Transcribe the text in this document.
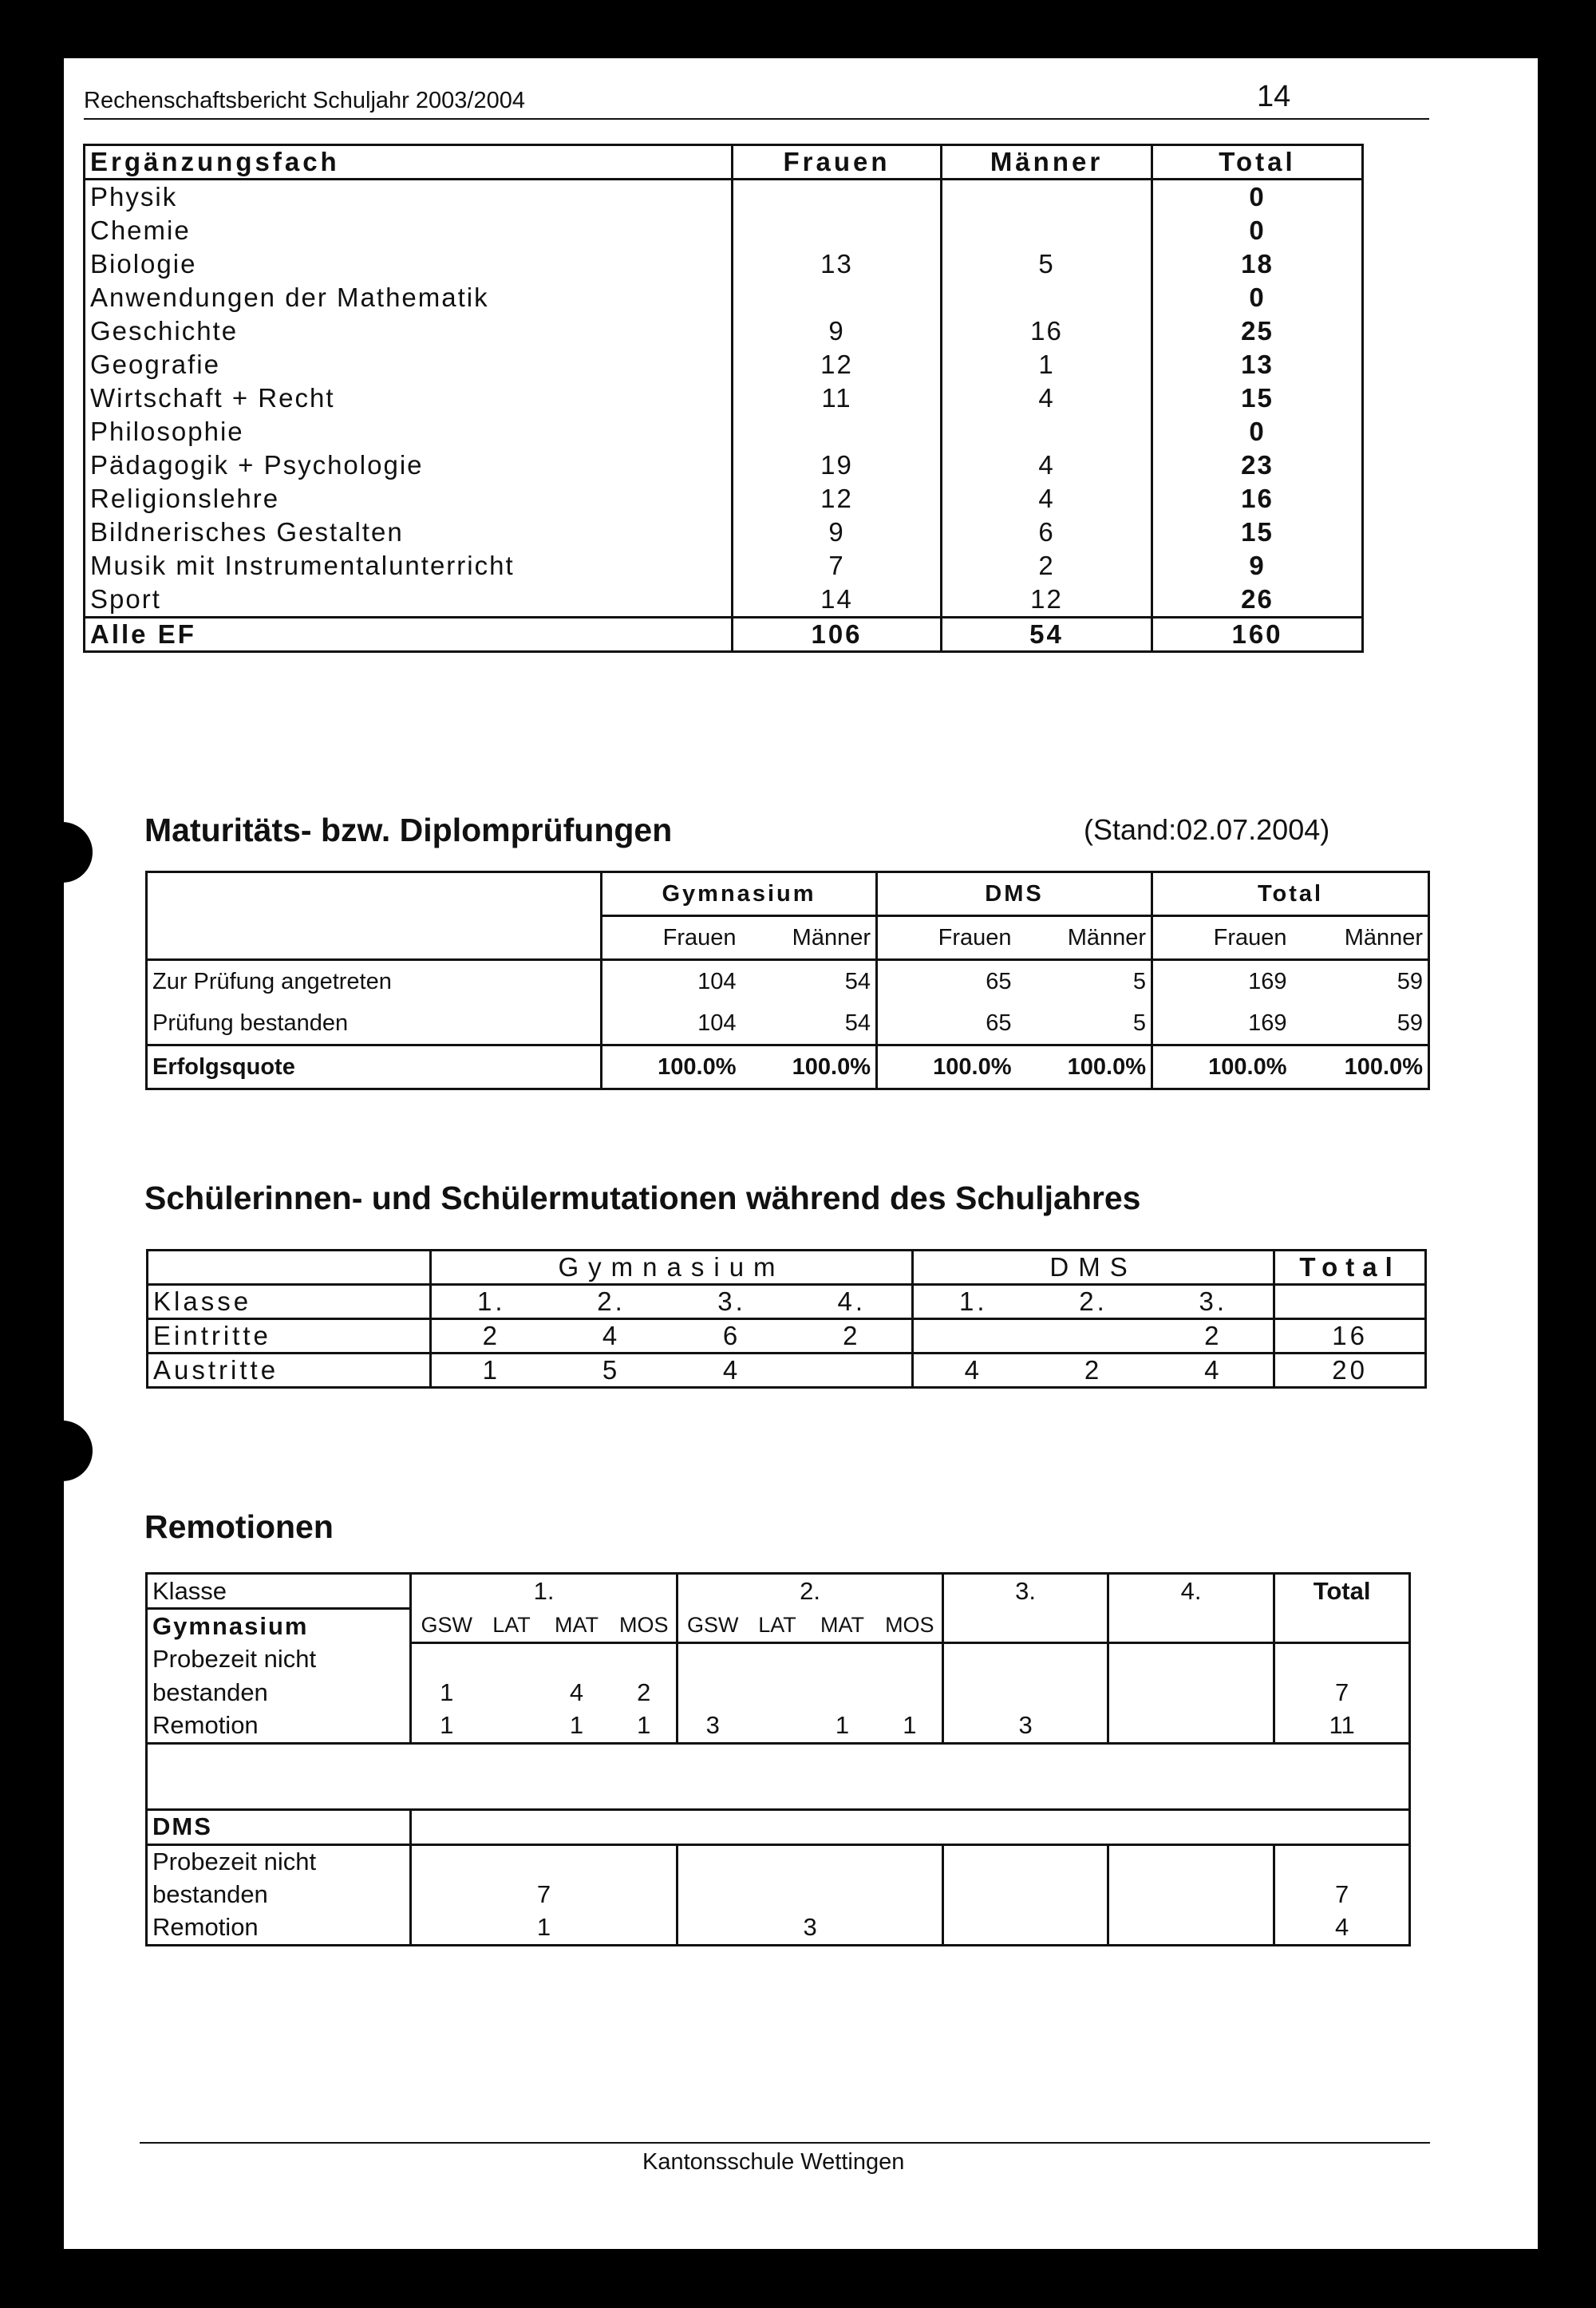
Rechenschaftsbericht Schuljahr 2003/2004	14
Ergänzungsfach	Frauen	Männer	Total
Physik			0
Chemie			0
Biologie	13	5	18
Anwendungen der Mathematik			0
Geschichte	9	16	25
Geografie	12	1	13
Wirtschaft + Recht	11	4	15
Philosophie			0
Pädagogik + Psychologie	19	4	23
Religionslehre	12	4	16
Bildnerisches Gestalten	9	6	15
Musik mit Instrumentalunterricht	7	2	9
Sport	14	12	26
Alle EF	106	54	160
Maturitäts- bzw. Diplomprüfungen	(Stand:02.07.2004)
	Gymnasium		DMS		Total	
	Frauen	Männer	Frauen	Männer	Frauen	Männer
Zur Prüfung angetreten	104	54	65	5	169	59
Prüfung bestanden	104	54	65	5	169	59
Erfolgsquote	100.0%	100.0%	100.0%	100.0%	100.0%	100.0%
Schülerinnen- und Schülermutationen während des Schuljahres
	Gymnasium				DMS			Total
Klasse	1.	2.	3.	4.	1.	2.	3.	
Eintritte	2	4	6	2			2	16
Austritte	1	5	4		4	2	4	20
Remotionen
Klasse	1.				2.				3.	4.	Total
Gymnasium	GSW	LAT	MAT	MOS	GSW	LAT	MAT	MOS			
Probezeit nicht											
bestanden	1		4	2							7
Remotion	1		1	1	3		1	1	3		11

DMS											
Probezeit nicht											
bestanden	7										7
Remotion	1				3						4
Kantonsschule Wettingen
